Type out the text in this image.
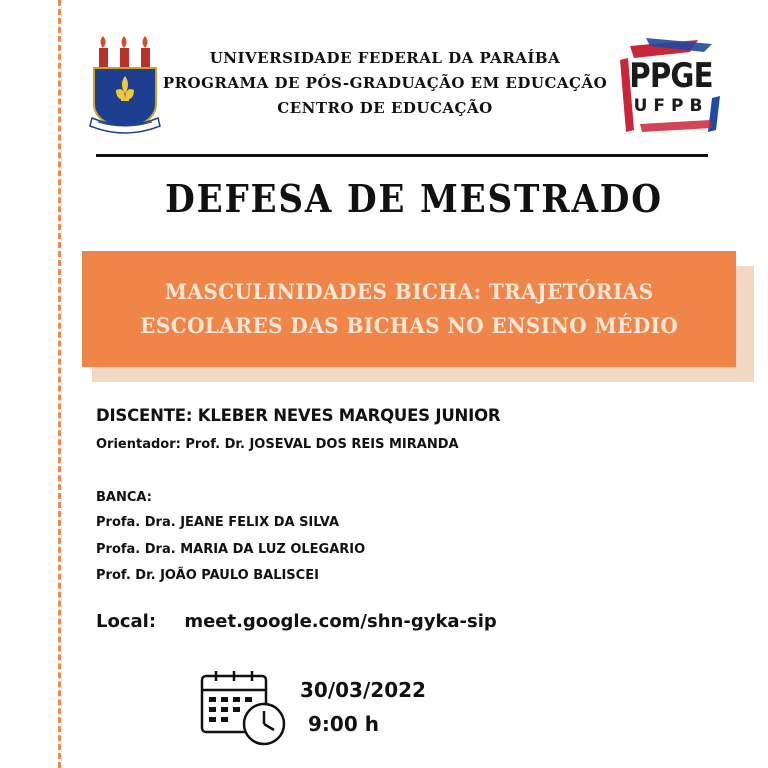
UNIVERSIDADE FEDERAL DA PARAÍBA
PROGRAMA DE PÓS-GRADUAÇÃO EM EDUCAÇÃO
CENTRO DE EDUCAÇÃO
PPGE
UFPB
DEFESA DE MESTRADO
MASCULINIDADES BICHA: TRAJETÓRIAS
ESCOLARES DAS BICHAS NO ENSINO MÉDIO
DISCENTE: KLEBER NEVES MARQUES JUNIOR
Orientador: Prof. Dr. JOSEVAL DOS REIS MIRANDA
BANCA:
Profa. Dra. JEANE FELIX DA SILVA
Profa. Dra. MARIA DA LUZ OLEGARIO
Prof. Dr. JOÃO PAULO BALISCEI
Local: meet.google.com/shn-gyka-sip
30/03/2022
9:00 h
